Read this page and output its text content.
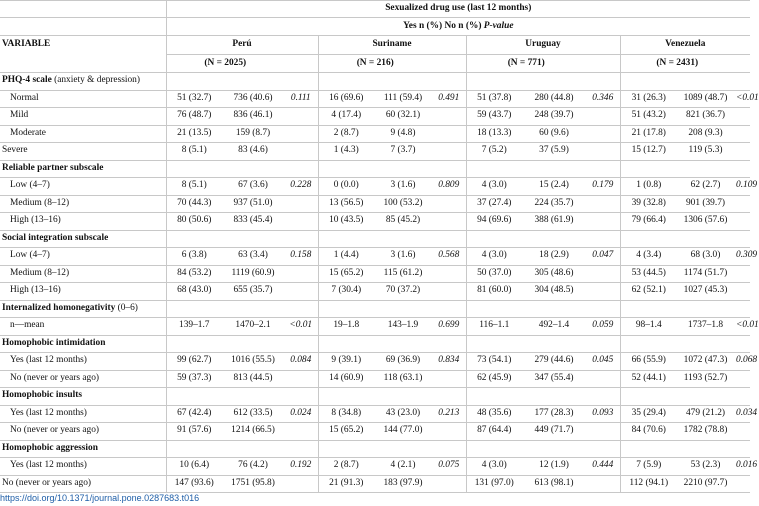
	Sexualized drug use (last 12 months)											
	Yes n (%) No n (%) P-value											
VARIABLE	Perú			Suriname			Uruguay			Venezuela		
	(N = 2025)			(N = 216)			(N = 771)			(N = 2431)		
PHQ-4 scale (anxiety & depression)												
Normal	51 (32.7)	736 (40.6)	0.111	16 (69.6)	111 (59.4)	0.491	51 (37.8)	280 (44.8)	0.346	31 (26.3)	1089 (48.7)	<0.01
Mild	76 (48.7)	836 (46.1)		4 (17.4)	60 (32.1)		59 (43.7)	248 (39.7)		51 (43.2)	821 (36.7)	
Moderate	21 (13.5)	159 (8.7)		2 (8.7)	9 (4.8)		18 (13.3)	60 (9.6)		21 (17.8)	208 (9.3)	
Severe	8 (5.1)	83 (4.6)		1 (4.3)	7 (3.7)		7 (5.2)	37 (5.9)		15 (12.7)	119 (5.3)	
Reliable partner subscale												
Low (4–7)	8 (5.1)	67 (3.6)	0.228	0 (0.0)	3 (1.6)	0.809	4 (3.0)	15 (2.4)	0.179	1 (0.8)	62 (2.7)	0.109
Medium (8–12)	70 (44.3)	937 (51.0)		13 (56.5)	100 (53.2)		37 (27.4)	224 (35.7)		39 (32.8)	901 (39.7)	
High (13–16)	80 (50.6)	833 (45.4)		10 (43.5)	85 (45.2)		94 (69.6)	388 (61.9)		79 (66.4)	1306 (57.6)	
Social integration subscale												
Low (4–7)	6 (3.8)	63 (3.4)	0.158	1 (4.4)	3 (1.6)	0.568	4 (3.0)	18 (2.9)	0.047	4 (3.4)	68 (3.0)	0.309
Medium (8–12)	84 (53.2)	1119 (60.9)		15 (65.2)	115 (61.2)		50 (37.0)	305 (48.6)		53 (44.5)	1174 (51.7)	
High (13–16)	68 (43.0)	655 (35.7)		7 (30.4)	70 (37.2)		81 (60.0)	304 (48.5)		62 (52.1)	1027 (45.3)	
Internalized homonegativity (0–6)												
n—mean	139–1.7	1470–2.1	<0.01	19–1.8	143–1.9	0.699	116–1.1	492–1.4	0.059	98–1.4	1737–1.8	<0.01
Homophobic intimidation												
Yes (last 12 months)	99 (62.7)	1016 (55.5)	0.084	9 (39.1)	69 (36.9)	0.834	73 (54.1)	279 (44.6)	0.045	66 (55.9)	1072 (47.3)	0.068
No (never or years ago)	59 (37.3)	813 (44.5)		14 (60.9)	118 (63.1)		62 (45.9)	347 (55.4)		52 (44.1)	1193 (52.7)	
Homophobic insults												
Yes (last 12 months)	67 (42.4)	612 (33.5)	0.024	8 (34.8)	43 (23.0)	0.213	48 (35.6)	177 (28.3)	0.093	35 (29.4)	479 (21.2)	0.034
No (never or years ago)	91 (57.6)	1214 (66.5)		15 (65.2)	144 (77.0)		87 (64.4)	449 (71.7)		84 (70.6)	1782 (78.8)	
Homophobic aggression												
Yes (last 12 months)	10 (6.4)	76 (4.2)	0.192	2 (8.7)	4 (2.1)	0.075	4 (3.0)	12 (1.9)	0.444	7 (5.9)	53 (2.3)	0.016
No (never or years ago)	147 (93.6)	1751 (95.8)		21 (91.3)	183 (97.9)		131 (97.0)	613 (98.1)		112 (94.1)	2210 (97.7)	
https://doi.org/10.1371/journal.pone.0287683.t016
